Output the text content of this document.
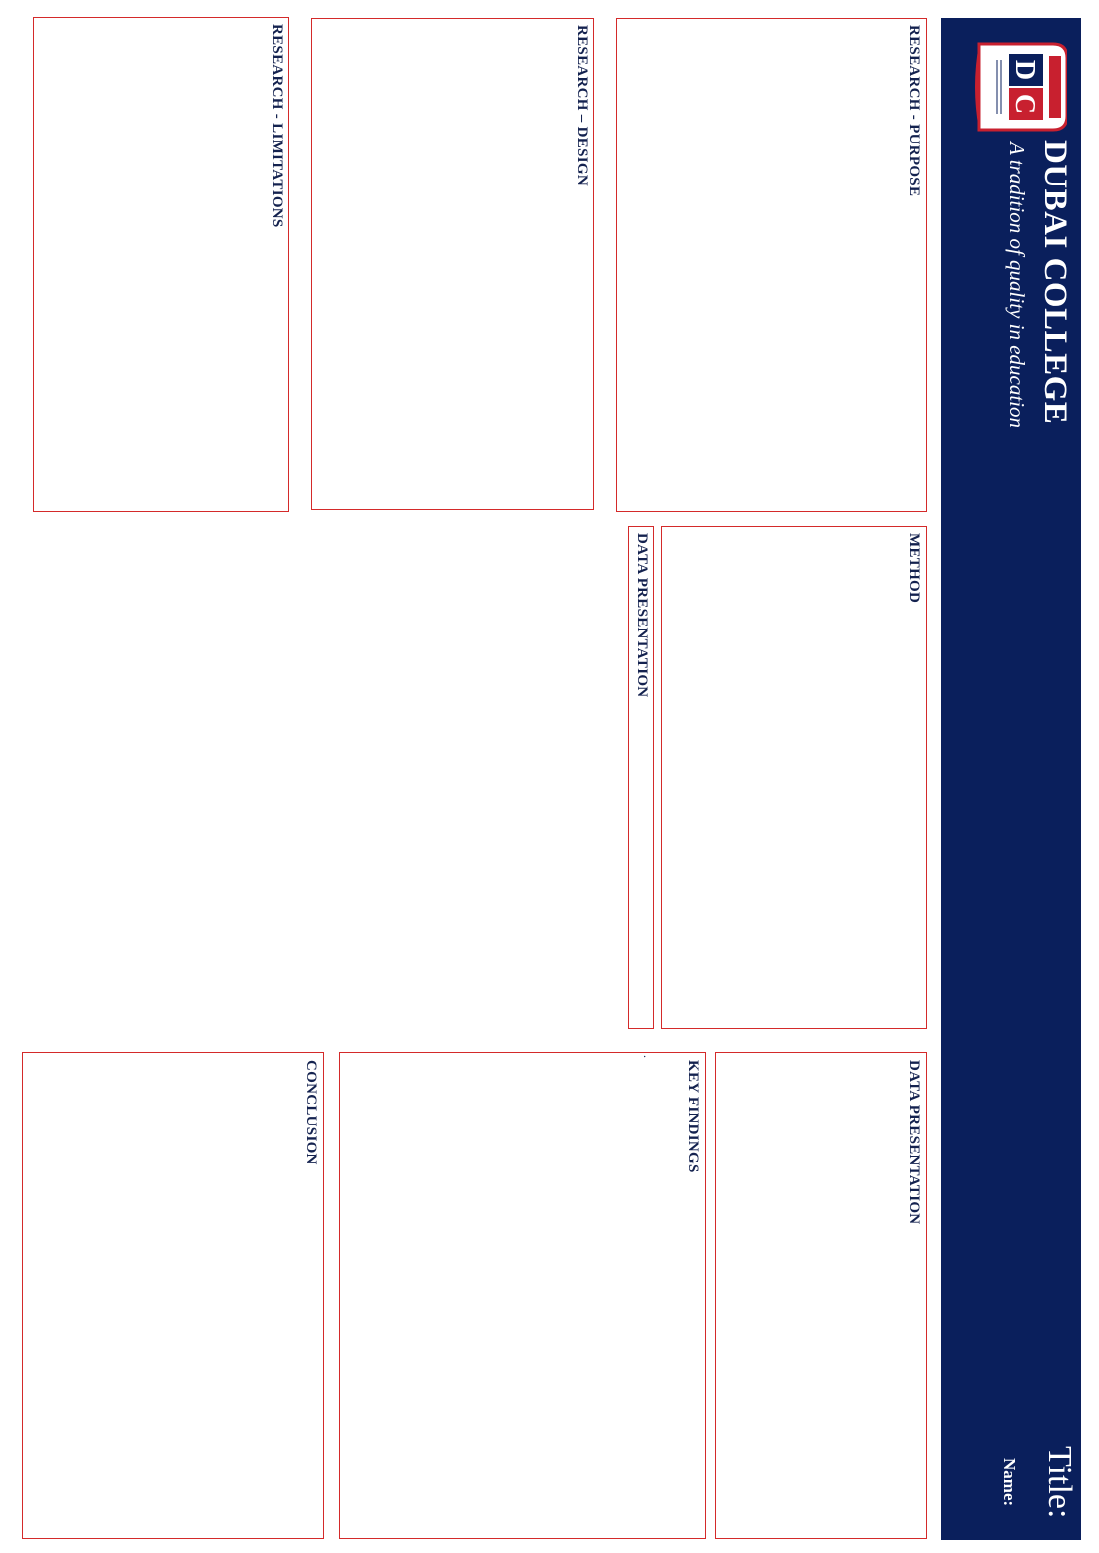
D
C
DUBAI COLLEGE
A tradition of quality in education
Title:
Name:
RESEARCH - PURPOSE
RESEARCH – DESIGN
RESEARCH - LIMITATIONS
METHOD
DATA PRESENTATION
DATA PRESENTATION
KEY FINDINGS
.
CONCLUSION
